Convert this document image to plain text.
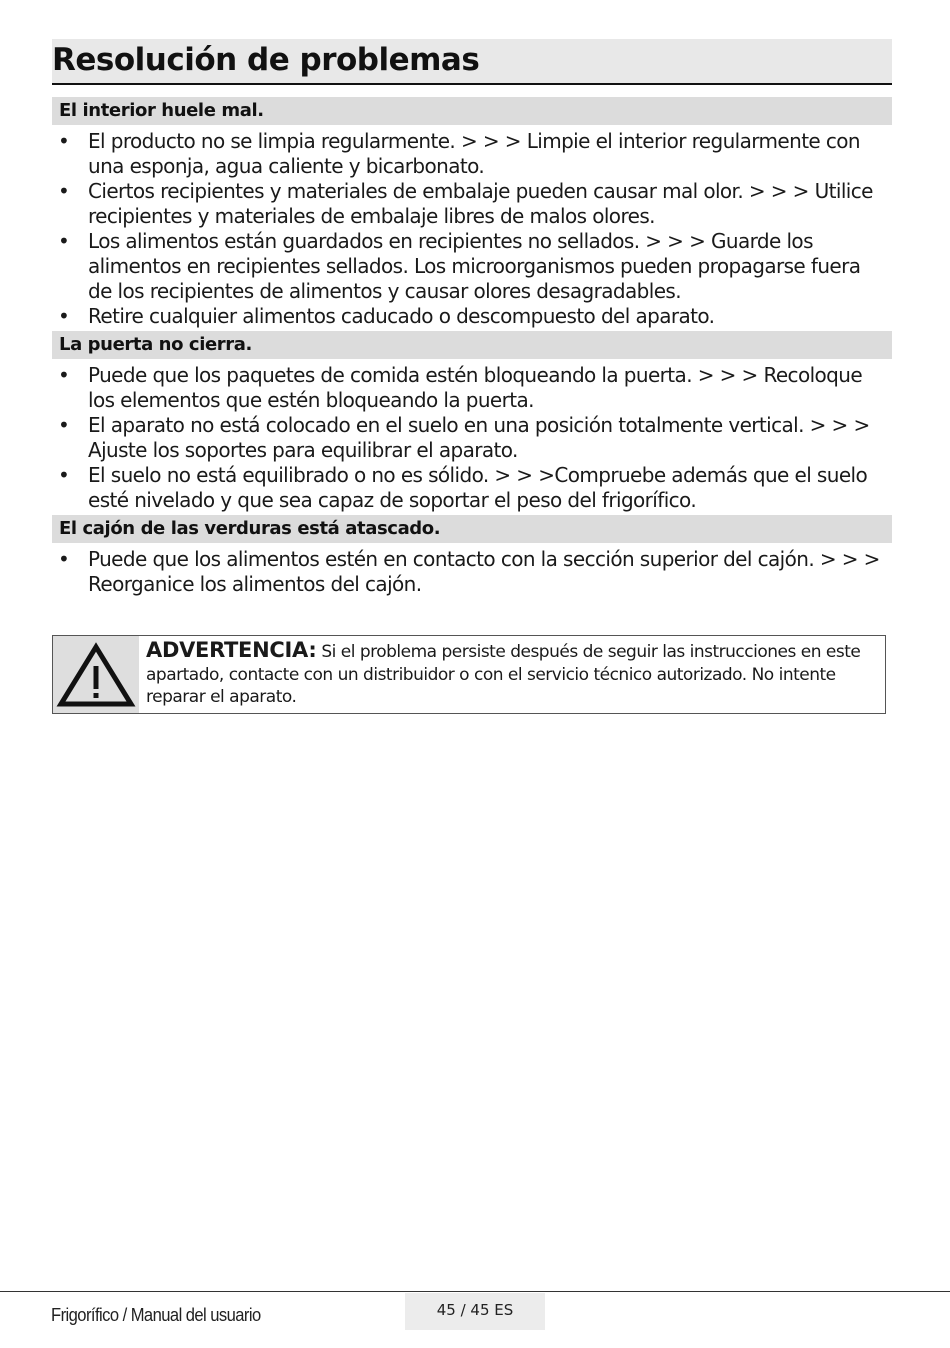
Resolución de problemas
El interior huele mal.
• El producto no se limpia regularmente. > > > Limpie el interior regularmente con una esponja, agua caliente y bicarbonato.
• Ciertos recipientes y materiales de embalaje pueden causar mal olor. > > > Utilice recipientes y materiales de embalaje libres de malos olores.
• Los alimentos están guardados en recipientes no sellados. > > > Guarde los alimentos en recipientes sellados. Los microorganismos pueden propagarse fuera de los recipientes de alimentos y causar olores desagradables.
• Retire cualquier alimentos caducado o descompuesto del aparato.
La puerta no cierra.
• Puede que los paquetes de comida estén bloqueando la puerta. > > > Recoloque los elementos que estén bloqueando la puerta.
• El aparato no está colocado en el suelo en una posición totalmente vertical. > > > Ajuste los soportes para equilibrar el aparato.
• El suelo no está equilibrado o no es sólido. > > >Compruebe además que el suelo esté nivelado y que sea capaz de soportar el peso del frigorífico.
El cajón de las verduras está atascado.
• Puede que los alimentos estén en contacto con la sección superior del cajón. > > > Reorganice los alimentos del cajón.
ADVERTENCIA: Si el problema persiste después de seguir las instrucciones en este apartado, contacte con un distribuidor o con el servicio técnico autorizado. No intente reparar el aparato.
Frigorífico / Manual del usuario	45 / 45 ES
